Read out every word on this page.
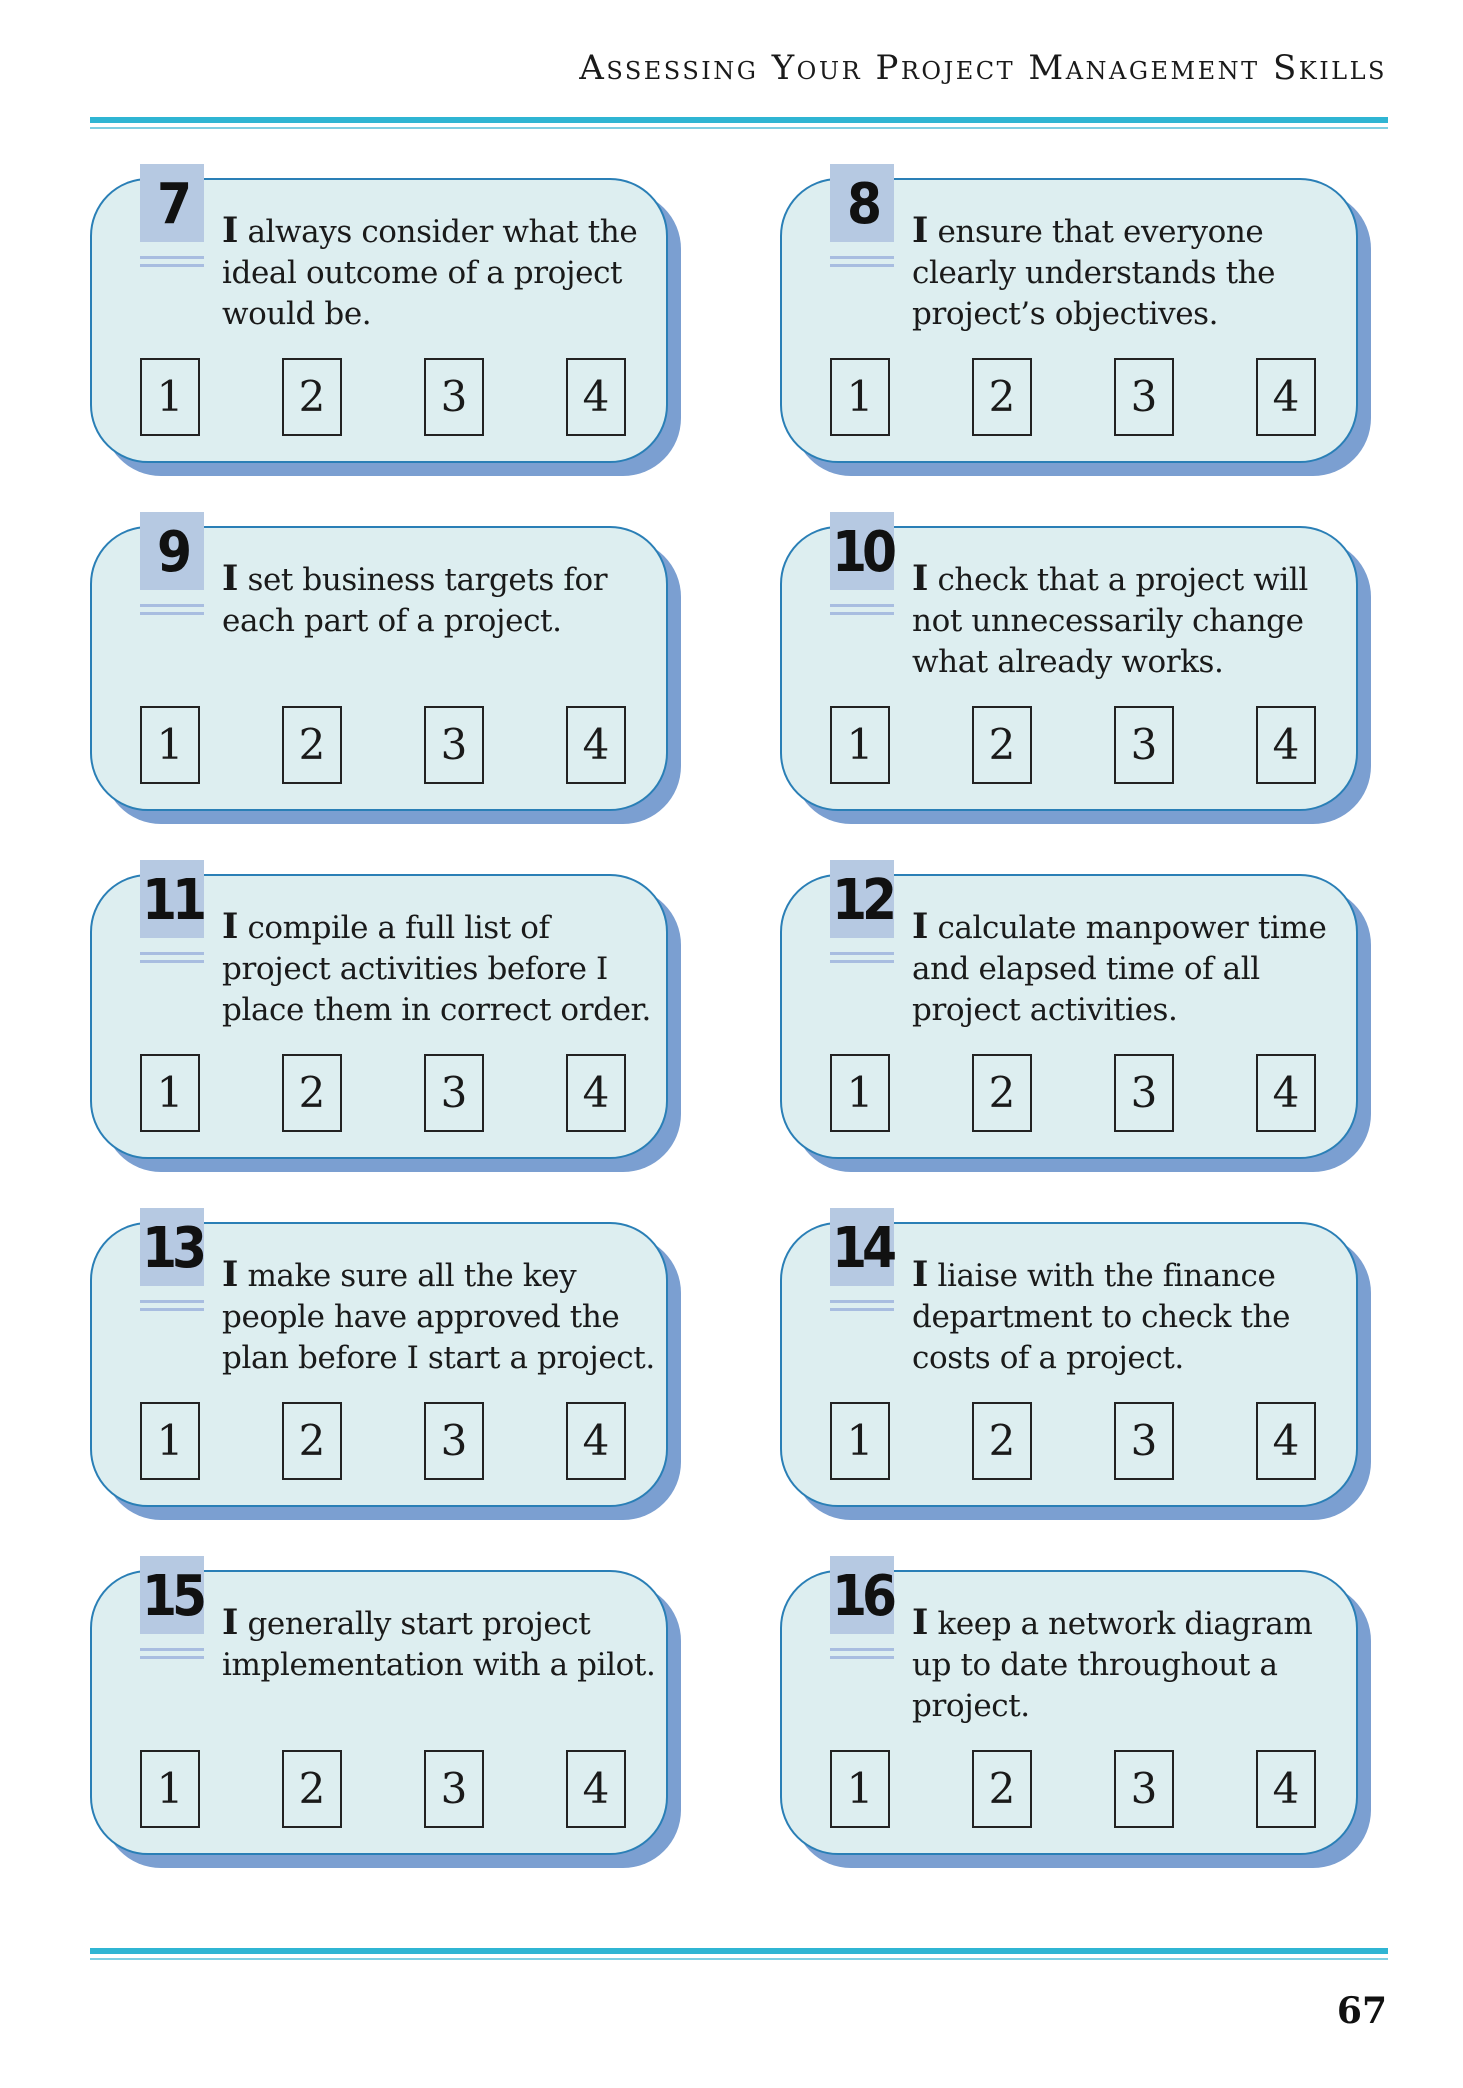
Assessing Your Project Management Skills
7 I always consider what the ideal outcome of a project would be.
1	2	3	4
8 I ensure that everyone clearly understands the project’s objectives.
1	2	3	4
9 I set business targets for each part of a project.
1	2	3	4
10 I check that a project will not unnecessarily change what already works.
1	2	3	4
11 I compile a full list of project activities before I place them in correct order.
1	2	3	4
12 I calculate manpower time and elapsed time of all project activities.
1	2	3	4
13 I make sure all the key people have approved the plan before I start a project.
1	2	3	4
14 I liaise with the finance department to check the costs of a project.
1	2	3	4
15 I generally start project implementation with a pilot.
1	2	3	4
16 I keep a network diagram up to date throughout a project.
1	2	3	4
67
